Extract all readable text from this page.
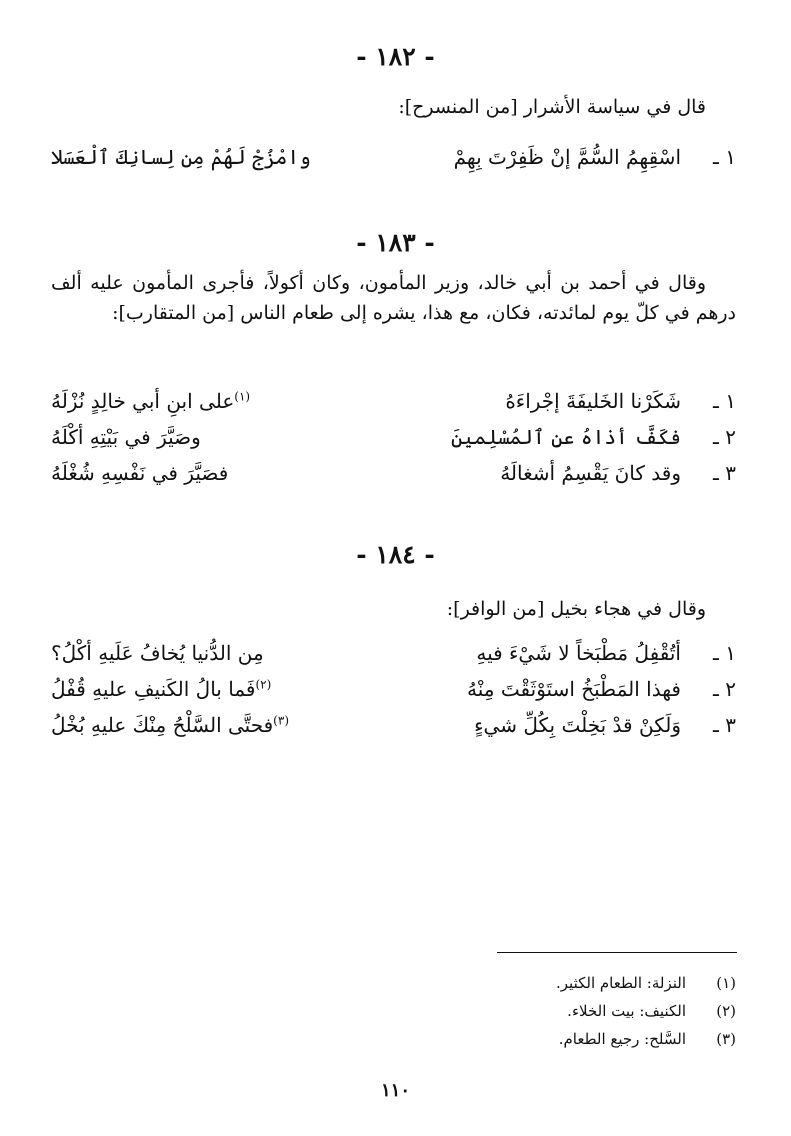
- ١٨٢ -
قال في سياسة الأشرار [من المنسرح]:
١ ـ
اسْقِهِمُ السُّمَّ إنْ ظَفِرْتَ بِهِمْ
وامْزُجْ لَهُمْ مِن لِسانِكَ ٱلْعَسَلا
- ١٨٣ -
وقال في أحمد بن أبي خالد، وزير المأمون، وكان أكولاً، فأجرى المأمون عليه ألف درهم في كلّ يوم لمائدته، فكان، مع هذا، يشره إلى طعام الناس [من المتقارب]:
١ ـ
شَكَرْنا الخَليفَةَ إجْراءَهُ
$^{(١)}$على ابنِ أبي خالِدٍ نُزْلَهُ
٢ ـ
فكَفَّ أذاهُ عنِ ٱلمُسْلِمينَ
وصَيَّرَ في بَيْتِهِ أكْلَهُ
٣ ـ
وقد كانَ يَقْسِمُ أشغالَهُ
فصَيَّرَ في نَفْسِهِ شُغْلَهُ
- ١٨٤ -
وقال في هجاء بخيل [من الوافر]:
١ ـ
أتُقْفِلُ مَطْبَخاً لا شَيْءَ فيهِ
مِن الدُّنيا يُخافُ عَلَيهِ أكْلُ؟
٢ ـ
فهذا المَطْبَخُ استَوْثَقْتَ مِنْهُ
$^{(٢)}$فَما بالُ الكَنيفِ عليهِ قُفْلُ
٣ ـ
وَلَكِنْ قدْ بَخِلْتَ بِكُلِّ شيءٍ
$^{(٣)}$فحتَّى السَّلْحُ مِنْكَ عليهِ بُخْلُ
(١)
النزلة: الطعام الكثير.
(٢)
الكنيف: بيت الخلاء.
(٣)
السَّلح: رجيع الطعام.
١١٠
